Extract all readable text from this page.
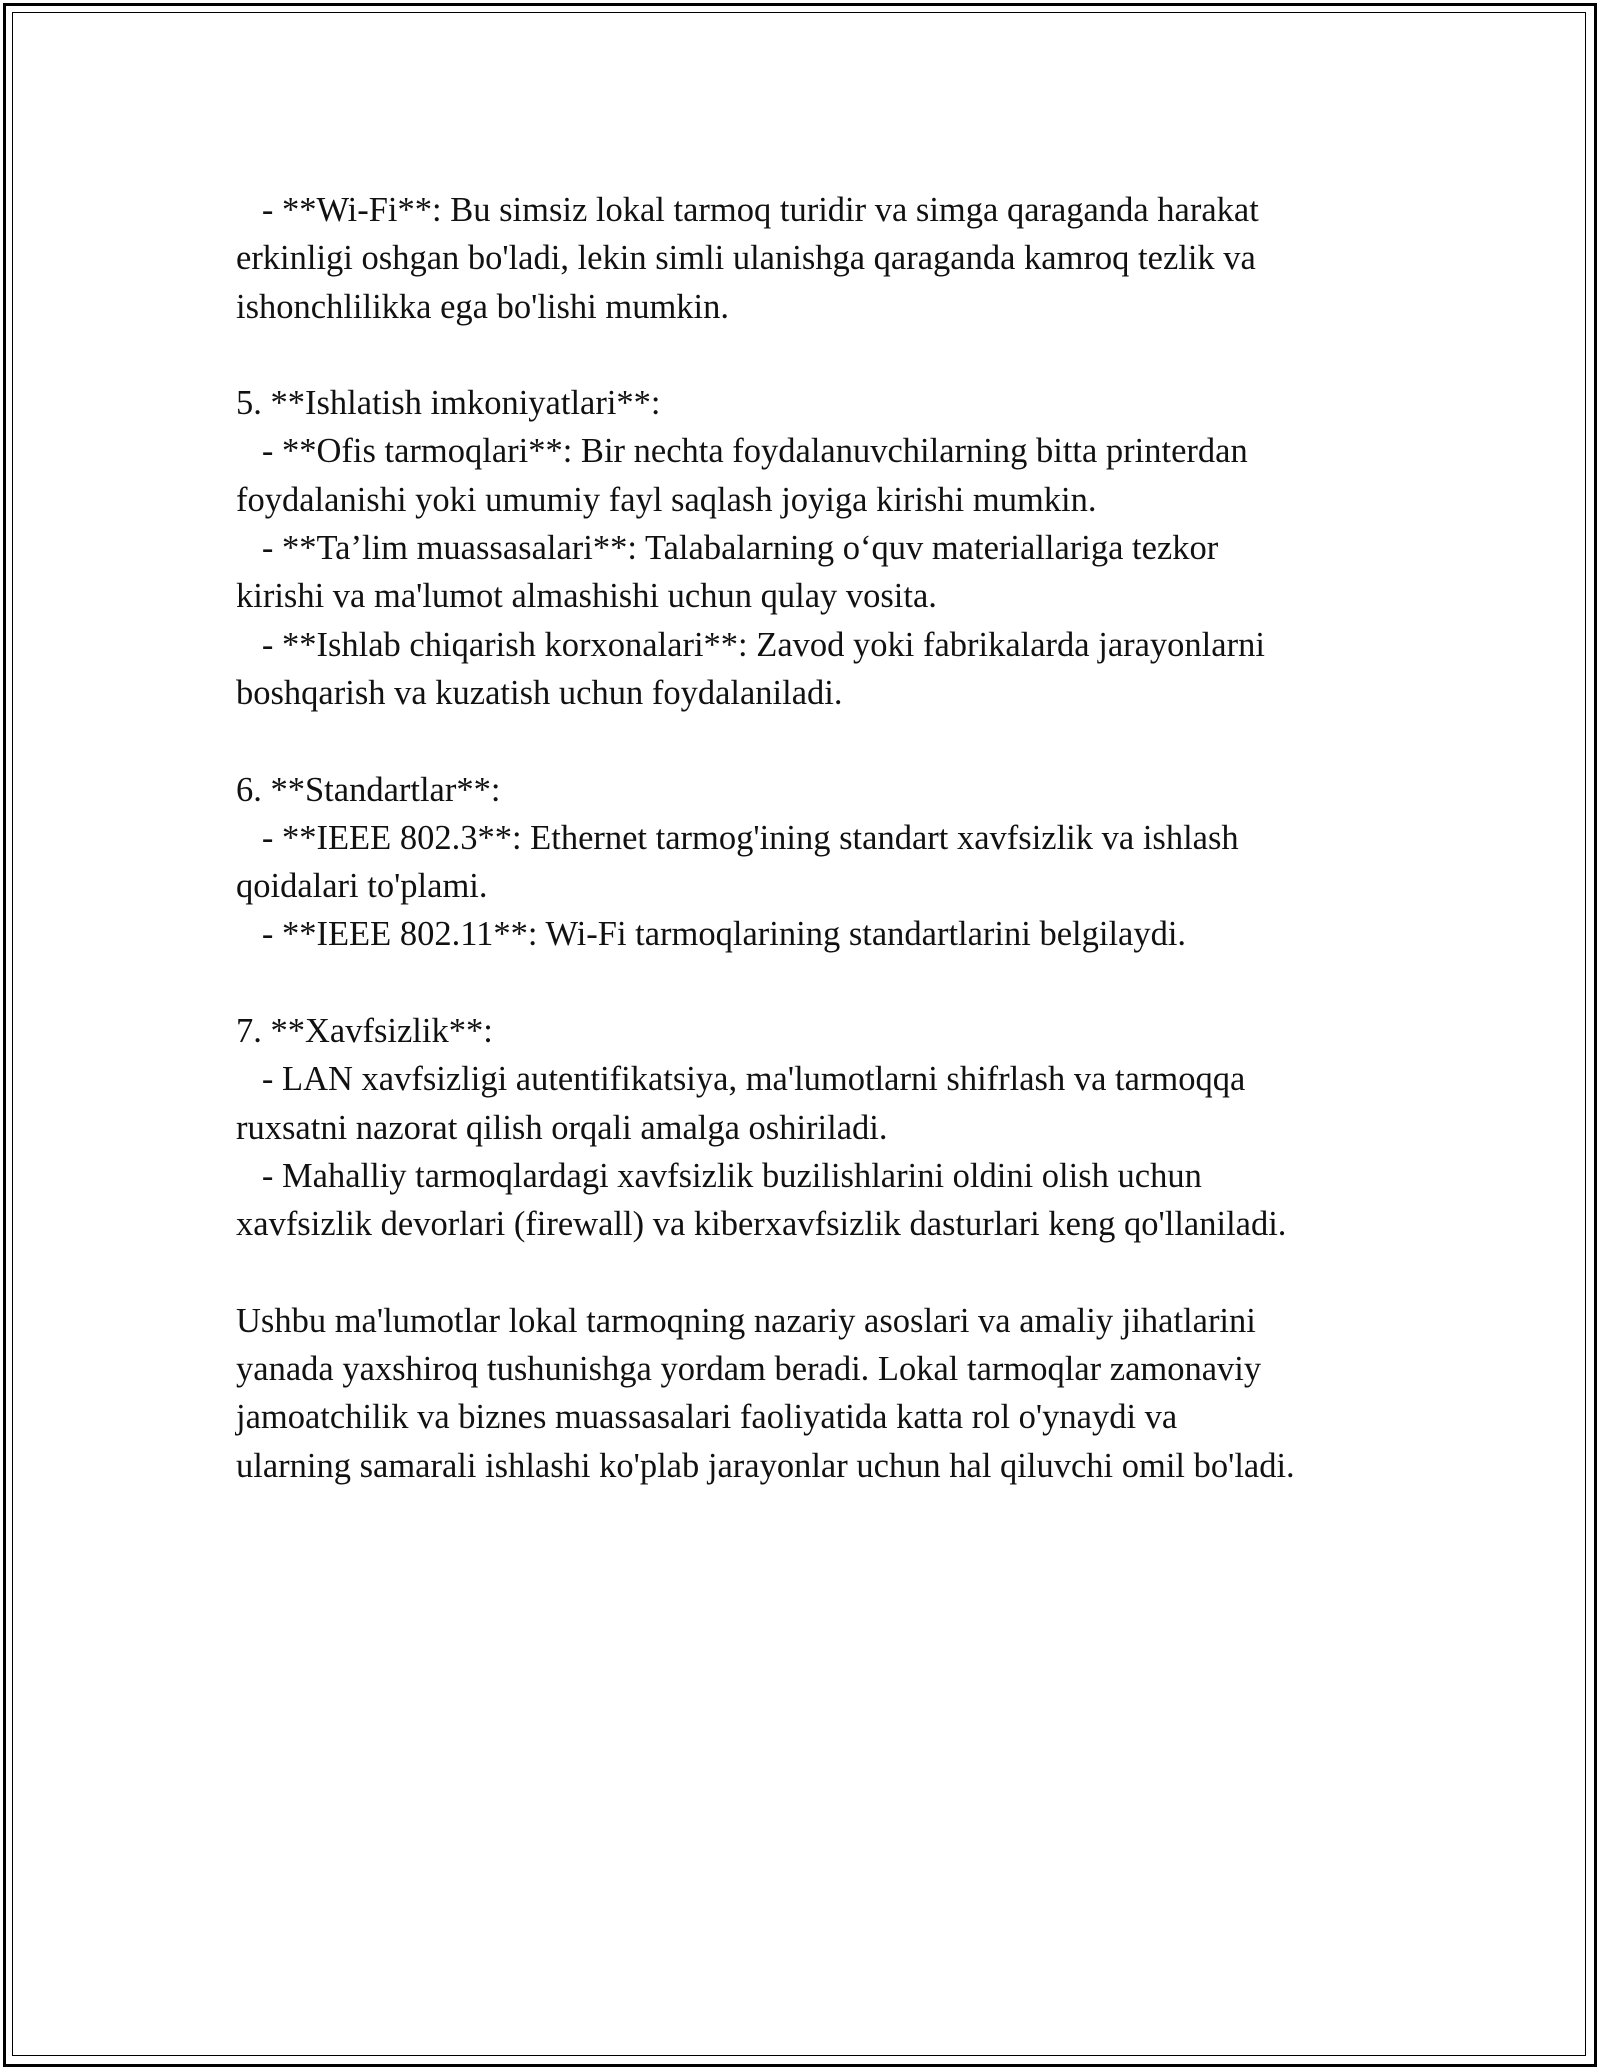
- **Wi-Fi**: Bu simsiz lokal tarmoq turidir va simga qaraganda harakat
erkinligi oshgan bo'ladi, lekin simli ulanishga qaraganda kamroq tezlik va
ishonchlilikka ega bo'lishi mumkin.
5. **Ishlatish imkoniyatlari**:
- **Ofis tarmoqlari**: Bir nechta foydalanuvchilarning bitta printerdan
foydalanishi yoki umumiy fayl saqlash joyiga kirishi mumkin.
- **Ta’lim muassasalari**: Talabalarning o‘quv materiallariga tezkor
kirishi va ma'lumot almashishi uchun qulay vosita.
- **Ishlab chiqarish korxonalari**: Zavod yoki fabrikalarda jarayonlarni
boshqarish va kuzatish uchun foydalaniladi.
6. **Standartlar**:
- **IEEE 802.3**: Ethernet tarmog'ining standart xavfsizlik va ishlash
qoidalari to'plami.
- **IEEE 802.11**: Wi-Fi tarmoqlarining standartlarini belgilaydi.
7. **Xavfsizlik**:
- LAN xavfsizligi autentifikatsiya, ma'lumotlarni shifrlash va tarmoqqa
ruxsatni nazorat qilish orqali amalga oshiriladi.
- Mahalliy tarmoqlardagi xavfsizlik buzilishlarini oldini olish uchun
xavfsizlik devorlari (firewall) va kiberxavfsizlik dasturlari keng qo'llaniladi.
Ushbu ma'lumotlar lokal tarmoqning nazariy asoslari va amaliy jihatlarini
yanada yaxshiroq tushunishga yordam beradi. Lokal tarmoqlar zamonaviy
jamoatchilik va biznes muassasalari faoliyatida katta rol o'ynaydi va
ularning samarali ishlashi ko'plab jarayonlar uchun hal qiluvchi omil bo'ladi.
